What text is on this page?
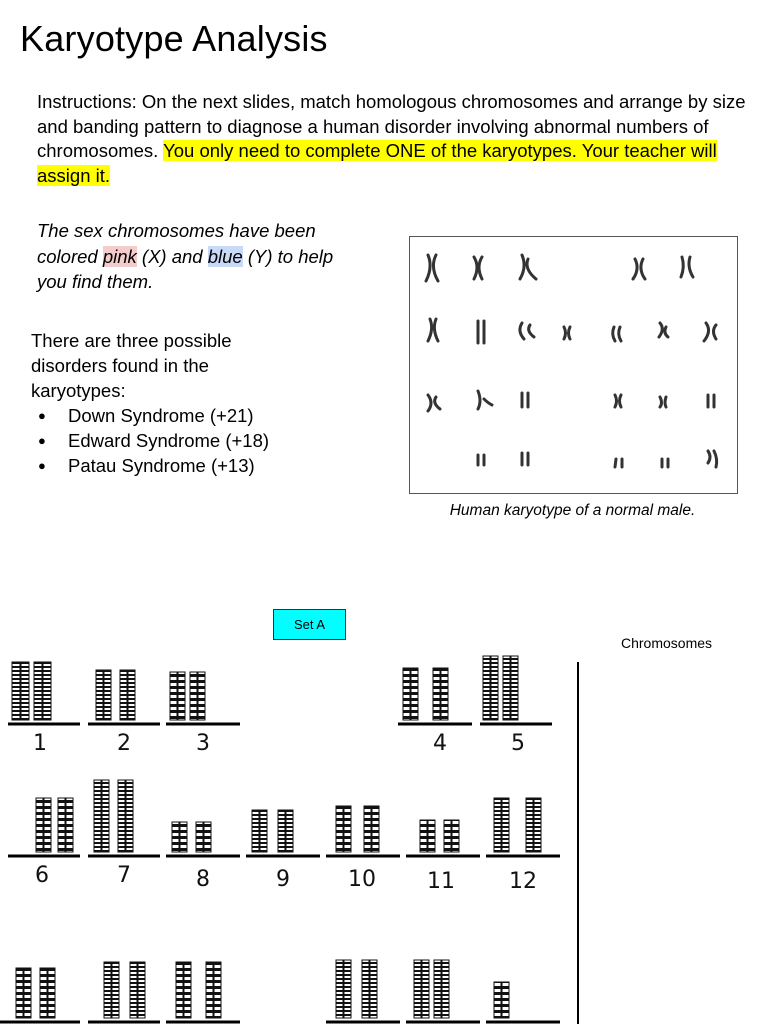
Karyotype Analysis
Instructions: On the next slides, match homologous chromosomes and arrange by size and banding pattern to diagnose a human disorder involving abnormal numbers of chromosomes. You only need to complete ONE of the karyotypes. Your teacher will assign it.
The sex chromosomes have been colored pink (X) and blue (Y) to help you find them.
There are three possible disorders found in the karyotypes:
● Down Syndrome (+21)
● Edward Syndrome (+18)
● Patau Syndrome (+13)
Human karyotype of a normal male.
Set A
Chromosomes
1	2	3	4	5
6	7	8	9	10 11 12
